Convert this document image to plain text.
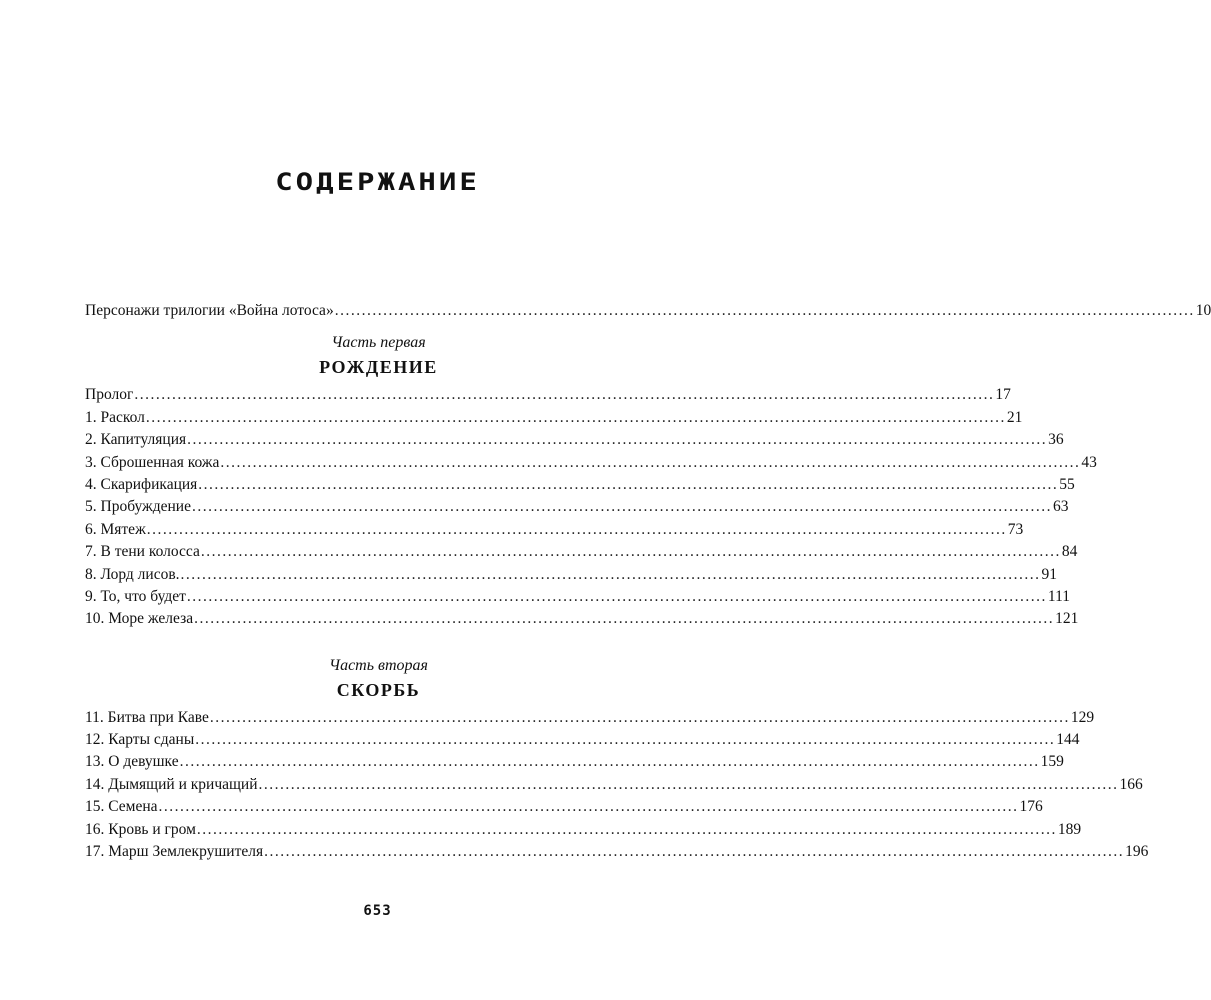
СОДЕРЖАНИЕ
Персонажи трилогии «Война лотоса» ................................................................................................................................................................ 10
Часть первая
РОЖДЕНИЕ
Пролог ................................................................................................................................................................ 17
1. Раскол ................................................................................................................................................................ 21
2. Капитуляция ................................................................................................................................................................ 36
3. Сброшенная кожа ................................................................................................................................................................ 43
4. Скарификация ................................................................................................................................................................ 55
5. Пробуждение ................................................................................................................................................................ 63
6. Мятеж ................................................................................................................................................................ 73
7. В тени колосса ................................................................................................................................................................ 84
8. Лорд лисов. ................................................................................................................................................................ 91
9. То, что будет ................................................................................................................................................................ 111
10. Море железа ................................................................................................................................................................ 121
Часть вторая
СКОРБЬ
11. Битва при Каве ................................................................................................................................................................ 129
12. Карты сданы ................................................................................................................................................................ 144
13. О девушке ................................................................................................................................................................ 159
14. Дымящий и кричащий ................................................................................................................................................................ 166
15. Семена ................................................................................................................................................................ 176
16. Кровь и гром ................................................................................................................................................................ 189
17. Марш Землекрушителя ................................................................................................................................................................ 196
653
